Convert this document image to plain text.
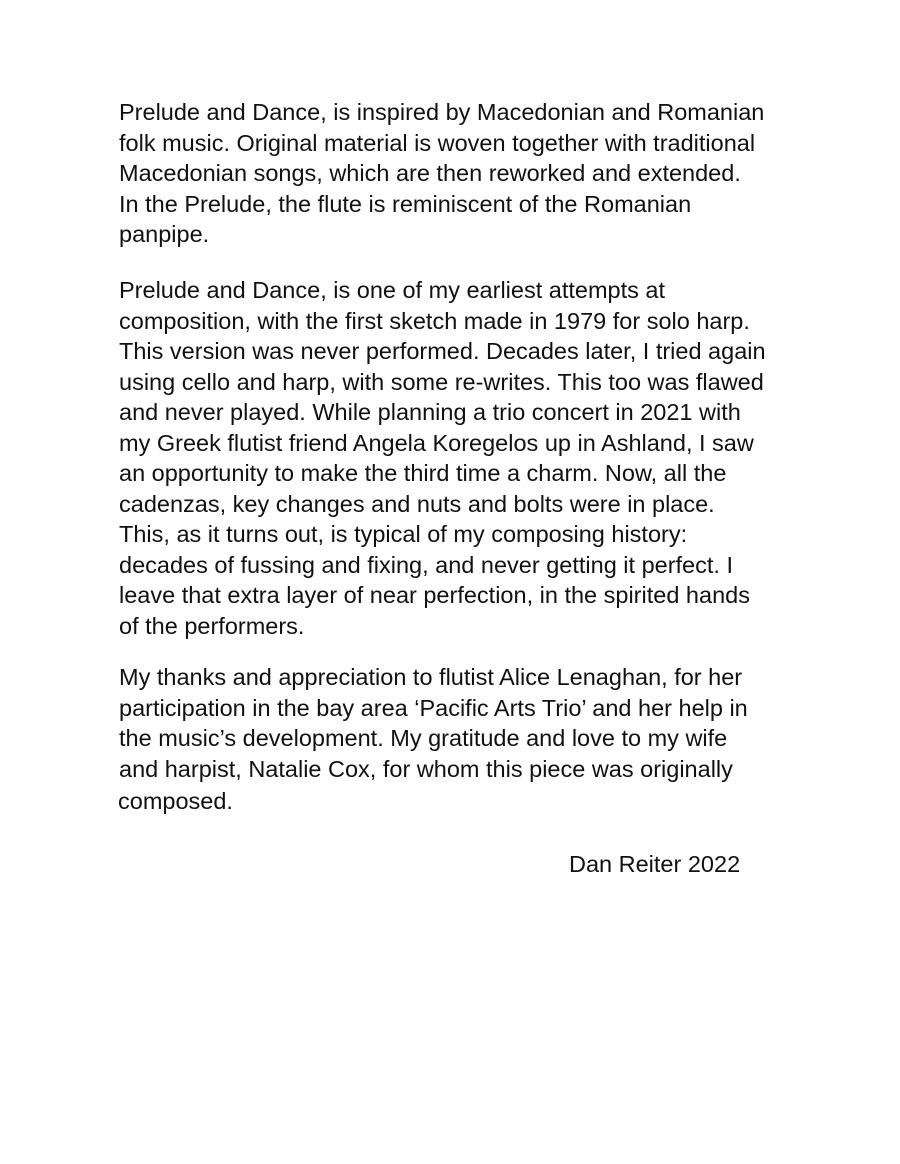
Prelude and Dance, is inspired by Macedonian and Romanian
folk music. Original material is woven together with traditional
Macedonian songs, which are then reworked and extended.
In the Prelude, the flute is reminiscent of the Romanian
panpipe.

Prelude and Dance, is one of my earliest attempts at
composition, with the first sketch made in 1979 for solo harp.
This version was never performed. Decades later, I tried again
using cello and harp, with some re-writes. This too was flawed
and never played. While planning a trio concert in 2021 with
my Greek flutist friend Angela Koregelos up in Ashland, I saw
an opportunity to make the third time a charm. Now, all the
cadenzas, key changes and nuts and bolts were in place.
This, as it turns out, is typical of my composing history:
decades of fussing and fixing, and never getting it perfect. I
leave that extra layer of near perfection, in the spirited hands
of the performers.

My thanks and appreciation to flutist Alice Lenaghan, for her
participation in the bay area ‘Pacific Arts Trio’ and her help in
the music’s development. My gratitude and love to my wife
and harpist, Natalie Cox, for whom this piece was originally
composed.

Dan Reiter 2022
